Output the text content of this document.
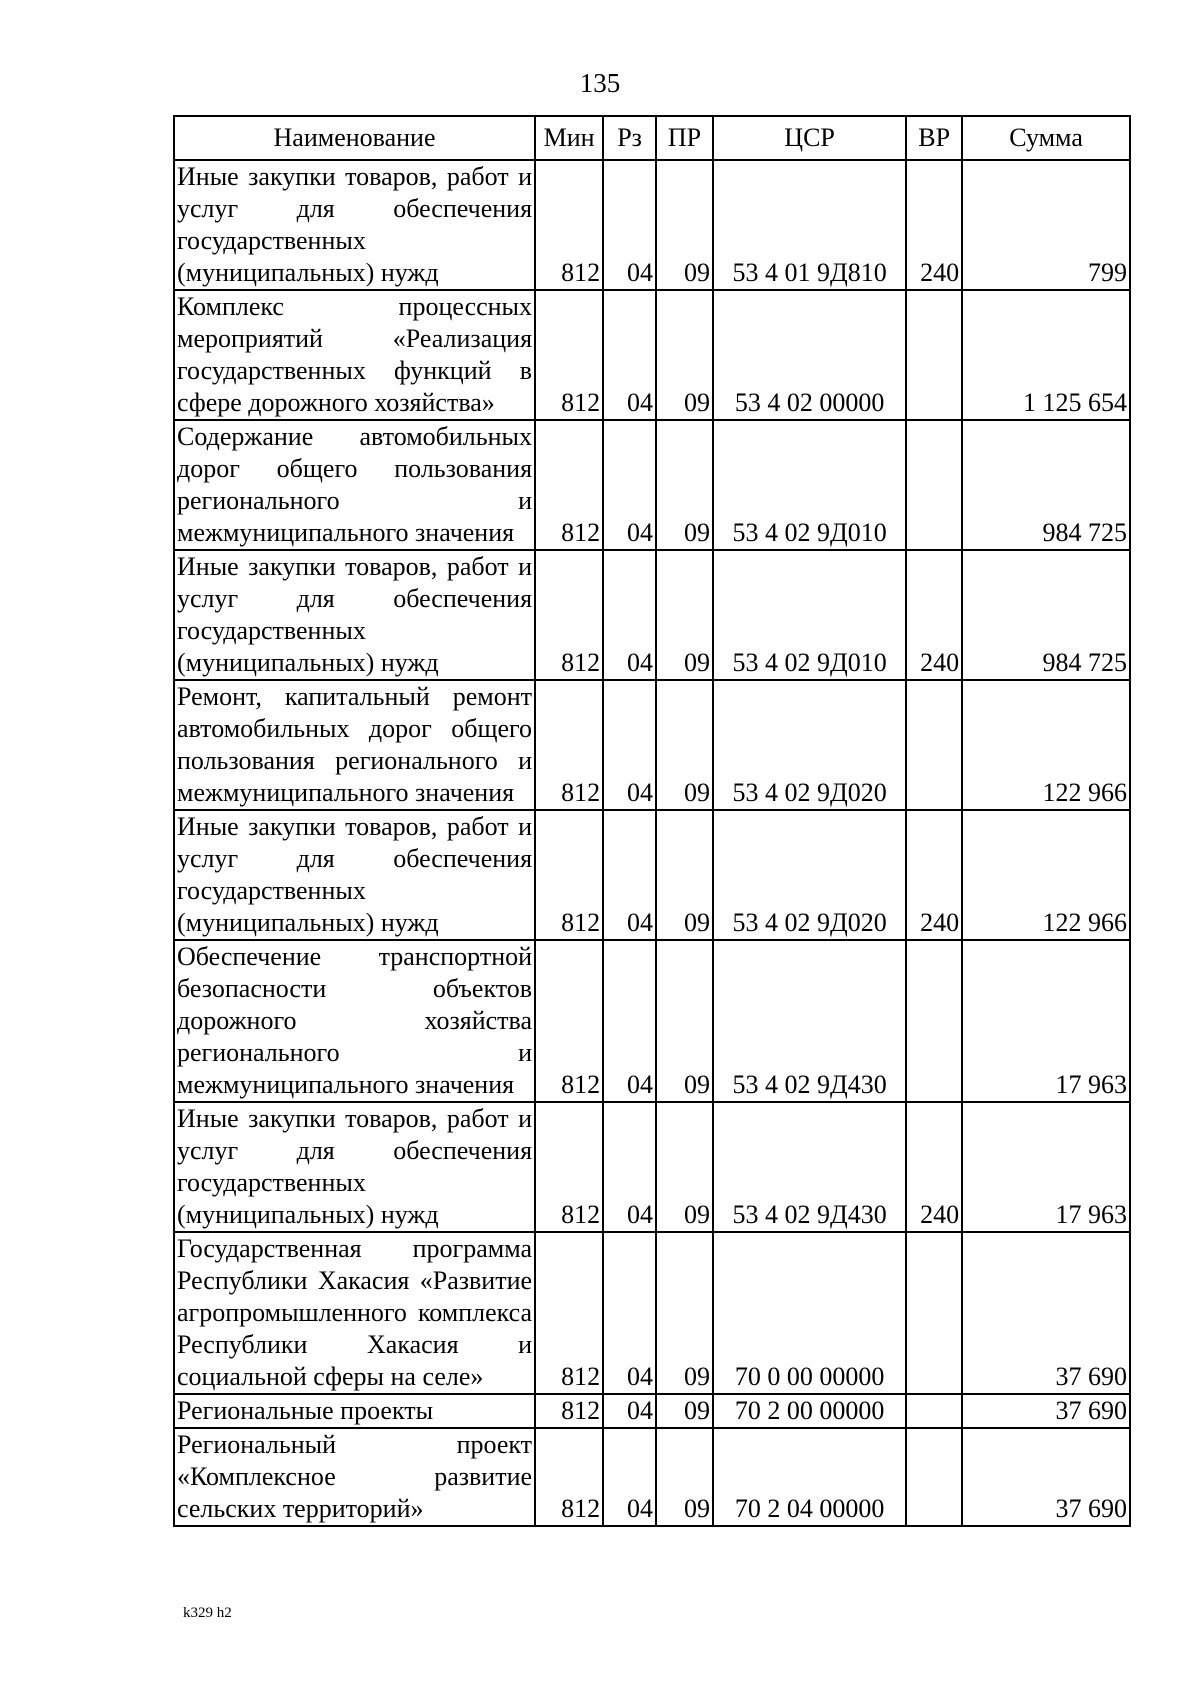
135
Наименование	Мин	Рз	ПР	ЦСР	ВР	Сумма
Иные закупки товаров, работ и услуг для обеспечения государственных (муниципальных) нужд	812	04	09	53 4 01 9Д810	240	799
Комплекс процессных мероприятий «Реализация государственных функций в сфере дорожного хозяйства»	812	04	09	53 4 02 00000		1 125 654
Содержание автомобильных дорог общего пользования регионального и межмуниципального значения	812	04	09	53 4 02 9Д010		984 725
Иные закупки товаров, работ и услуг для обеспечения государственных (муниципальных) нужд	812	04	09	53 4 02 9Д010	240	984 725
Ремонт, капитальный ремонт автомобильных дорог общего пользования регионального и межмуниципального значения	812	04	09	53 4 02 9Д020		122 966
Иные закупки товаров, работ и услуг для обеспечения государственных (муниципальных) нужд	812	04	09	53 4 02 9Д020	240	122 966
Обеспечение транспортной безопасности объектов дорожного хозяйства регионального и межмуниципального значения	812	04	09	53 4 02 9Д430		17 963
Иные закупки товаров, работ и услуг для обеспечения государственных (муниципальных) нужд	812	04	09	53 4 02 9Д430	240	17 963
Государственная программа Республики Хакасия «Развитие агропромышленного комплекса Республики Хакасия и социальной сферы на селе»	812	04	09	70 0 00 00000		37 690
Региональные проекты	812	04	09	70 2 00 00000		37 690
Региональный проект «Комплексное развитие сельских территорий»	812	04	09	70 2 04 00000		37 690
k329 h2
